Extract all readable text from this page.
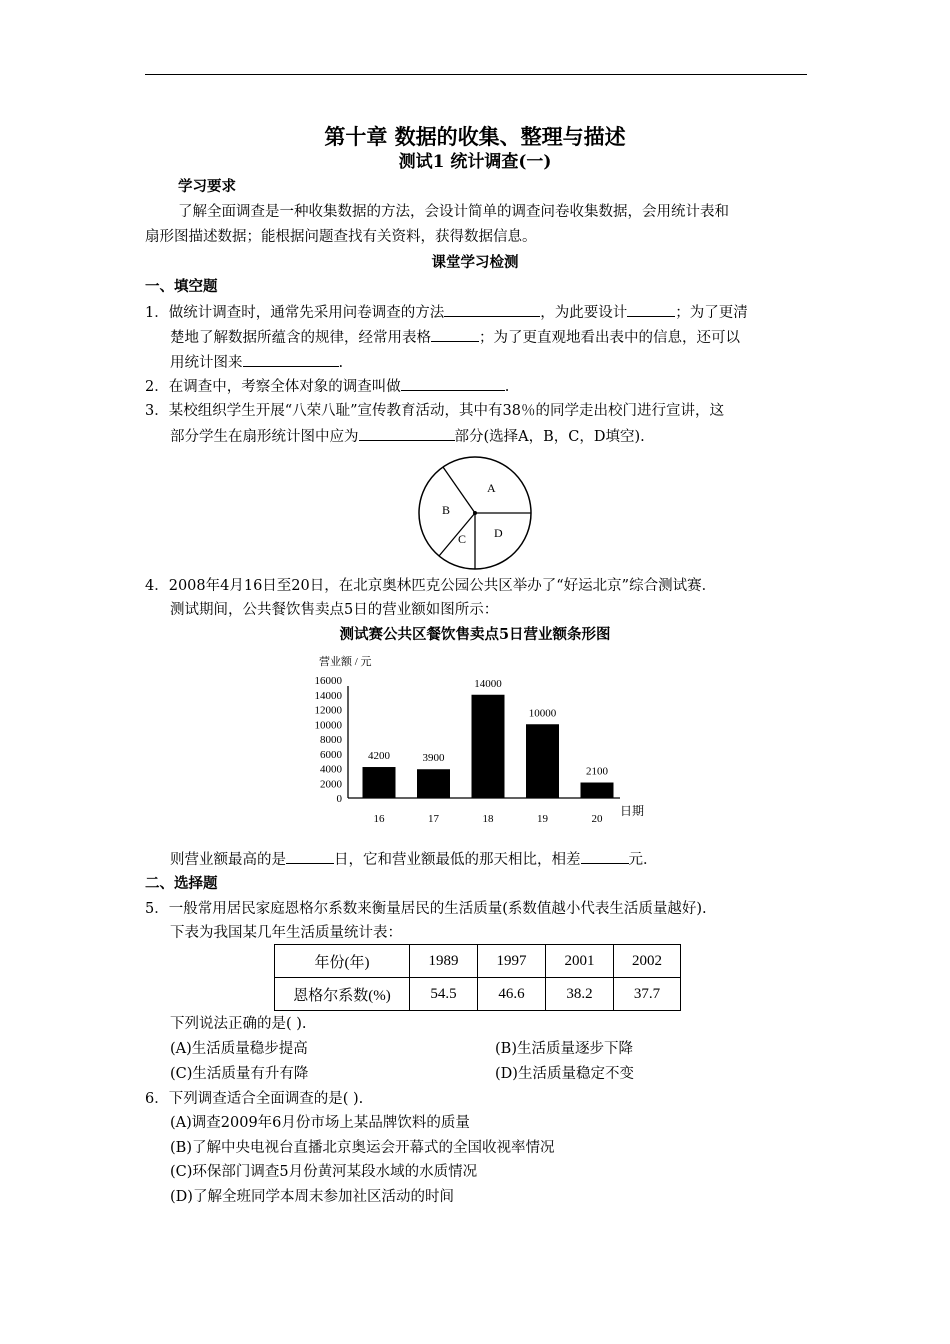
第十章 数据的收集、整理与描述
测试1 统计调查(一)
学习要求
了解全面调查是一种收集数据的方法，会设计简单的调查问卷收集数据，会用统计表和
扇形图描述数据；能根据问题查找有关资料，获得数据信息。
课堂学习检测
一、填空题
1．做统计调查时，通常先采用问卷调查的方法	，为此要设计	；为了更清
楚地了解数据所蕴含的规律，经常用表格	；为了更直观地看出表中的信息，还可以
用统计图来	.
2．在调查中，考察全体对象的调查叫做	.
3．某校组织学生开展“八荣八耻”宣传教育活动，其中有38％的同学走出校门进行宣讲，这
部分学生在扇形统计图中应为	部分(选择A，B，C，D填空).
A
B
C D
4．2008年4月16日至20日，在北京奥林匹克公园公共区举办了“好运北京”综合测试赛．
测试期间，公共餐饮售卖点5日的营业额如图所示：
测试赛公共区餐饮售卖点5日营业额条形图
营业额 / 元
日期
0
2000
4000
6000
8000
10000
12000
14000
16000
4200
16
3900
17
14000
18
10000
19
2100
20
则营业额最高的是	日，它和营业额最低的那天相比，相差	元．
二、选择题
5．一般常用居民家庭恩格尔系数来衡量居民的生活质量(系数值越小代表生活质量越好).
下表为我国某几年生活质量统计表：
年份(年)	1989	1997	2001	2002
恩格尔系数(%)	54.5	46.6	38.2	37.7
下列说法正确的是( ).
(A)生活质量稳步提高	(B)生活质量逐步下降
(C)生活质量有升有降	(D)生活质量稳定不变
6．下列调查适合全面调查的是( ).
(A)调查2009年6月份市场上某品牌饮料的质量
(B)了解中央电视台直播北京奥运会开幕式的全国收视率情况
(C)环保部门调查5月份黄河某段水域的水质情况
(D)了解全班同学本周末参加社区活动的时间
